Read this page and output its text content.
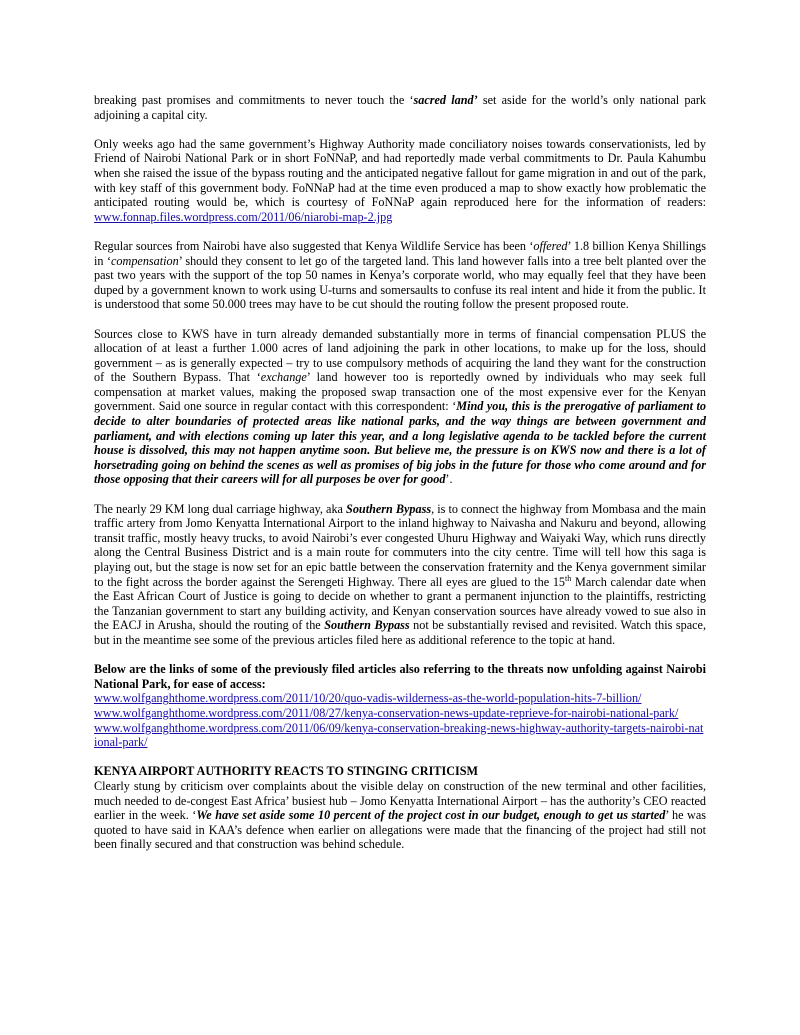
breaking past promises and commitments to never touch the ‘sacred land’ set aside for the world’s only national park adjoining a capital city.

Only weeks ago had the same government’s Highway Authority made conciliatory noises towards conservationists, led by Friend of Nairobi National Park or in short FoNNaP, and had reportedly made verbal commitments to Dr. Paula Kahumbu when she raised the issue of the bypass routing and the anticipated negative fallout for game migration in and out of the park, with key staff of this government body. FoNNaP had at the time even produced a map to show exactly how problematic the anticipated routing would be, which is courtesy of FoNNaP again reproduced here for the information of readers: www.fonnap.files.wordpress.com/2011/06/niarobi-map-2.jpg

Regular sources from Nairobi have also suggested that Kenya Wildlife Service has been ‘offered’ 1.8 billion Kenya Shillings in ‘compensation’ should they consent to let go of the targeted land. This land however falls into a tree belt planted over the past two years with the support of the top 50 names in Kenya’s corporate world, who may equally feel that they have been duped by a government known to work using U-turns and somersaults to confuse its real intent and hide it from the public. It is understood that some 50.000 trees may have to be cut should the routing follow the present proposed route.

Sources close to KWS have in turn already demanded substantially more in terms of financial compensation PLUS the allocation of at least a further 1.000 acres of land adjoining the park in other locations, to make up for the loss, should government – as is generally expected – try to use compulsory methods of acquiring the land they want for the construction of the Southern Bypass. That ‘exchange’ land however too is reportedly owned by individuals who may seek full compensation at market values, making the proposed swap transaction one of the most expensive ever for the Kenyan government. Said one source in regular contact with this correspondent: ‘Mind you, this is the prerogative of parliament to decide to alter boundaries of protected areas like national parks, and the way things are between government and parliament, and with elections coming up later this year, and a long legislative agenda to be tackled before the current house is dissolved, this may not happen anytime soon. But believe me, the pressure is on KWS now and there is a lot of horsetrading going on behind the scenes as well as promises of big jobs in the future for those who come around and for those opposing that their careers will for all purposes be over for good’.

The nearly 29 KM long dual carriage highway, aka Southern Bypass, is to connect the highway from Mombasa and the main traffic artery from Jomo Kenyatta International Airport to the inland highway to Naivasha and Nakuru and beyond, allowing transit traffic, mostly heavy trucks, to avoid Nairobi’s ever congested Uhuru Highway and Waiyaki Way, which runs directly along the Central Business District and is a main route for commuters into the city centre. Time will tell how this saga is playing out, but the stage is now set for an epic battle between the conservation fraternity and the Kenya government similar to the fight across the border against the Serengeti Highway. There all eyes are glued to the 15th March calendar date when the East African Court of Justice is going to decide on whether to grant a permanent injunction to the plaintiffs, restricting the Tanzanian government to start any building activity, and Kenyan conservation sources have already vowed to sue also in the EACJ in Arusha, should the routing of the Southern Bypass not be substantially revised and revisited. Watch this space, but in the meantime see some of the previous articles filed here as additional reference to the topic at hand.

Below are the links of some of the previously filed articles also referring to the threats now unfolding against Nairobi National Park, for ease of access:

www.wolfganghthome.wordpress.com/2011/10/20/quo-vadis-wilderness-as-the-world-population-hits-7-billion/
www.wolfganghthome.wordpress.com/2011/08/27/kenya-conservation-news-update-reprieve-for-nairobi-national-park/
www.wolfganghthome.wordpress.com/2011/06/09/kenya-conservation-breaking-news-highway-authority-targets-nairobi-national-park/

KENYA AIRPORT AUTHORITY REACTS TO STINGING CRITICISM

Clearly stung by criticism over complaints about the visible delay on construction of the new terminal and other facilities, much needed to de-congest East Africa’ busiest hub – Jomo Kenyatta International Airport – has the authority’s CEO reacted earlier in the week. ‘We have set aside some 10 percent of the project cost in our budget, enough to get us started’ he was quoted to have said in KAA’s defence when earlier on allegations were made that the financing of the project had still not been finally secured and that construction was behind schedule.
